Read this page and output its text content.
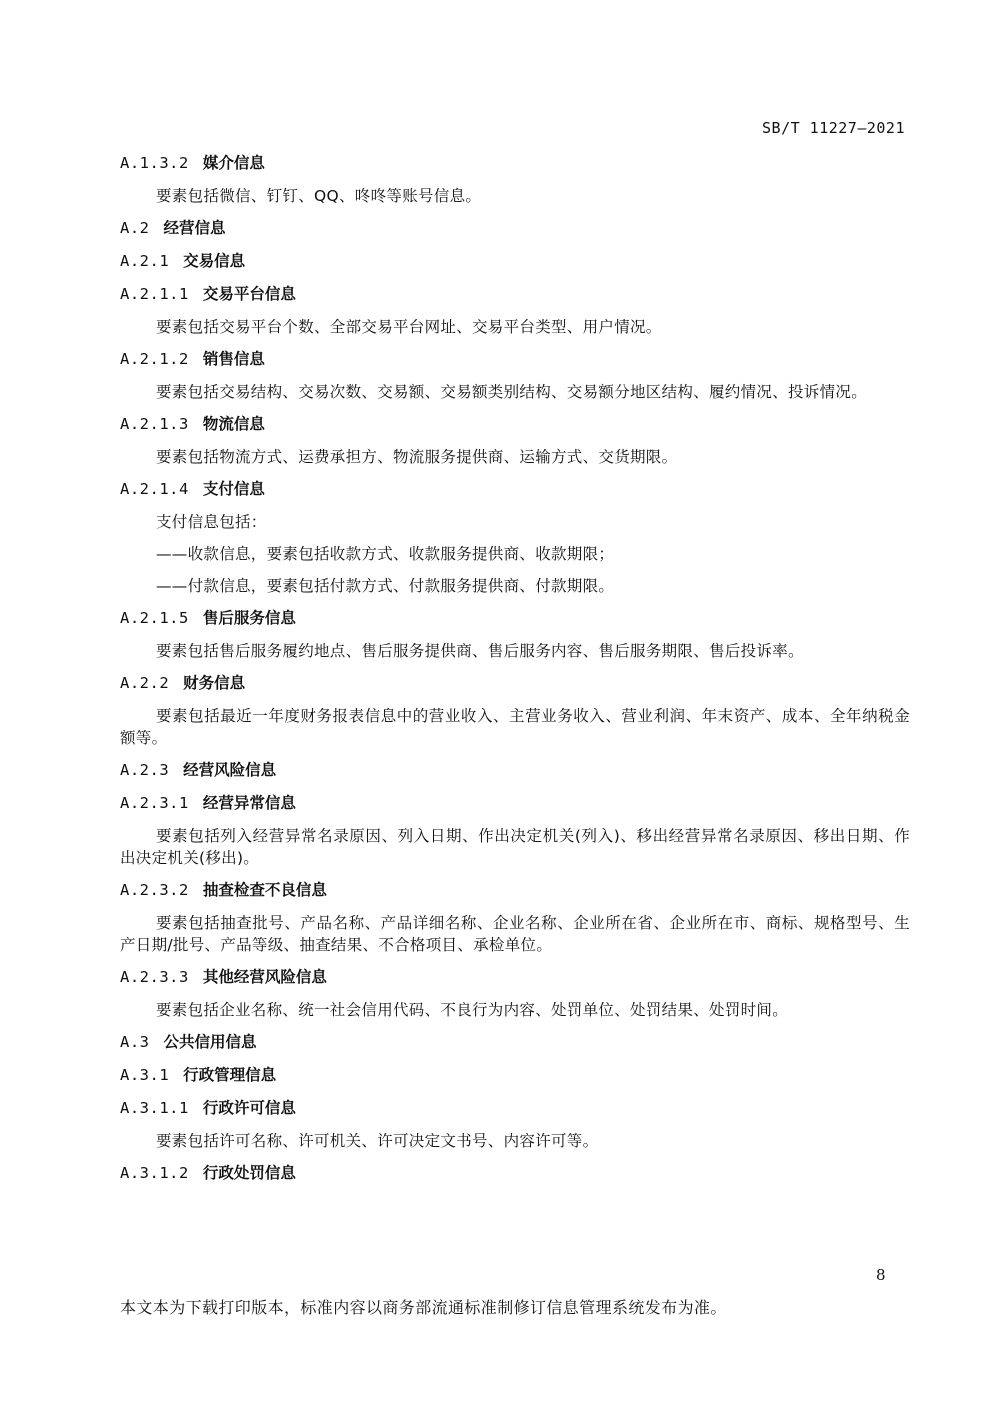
SB/T 11227—2021
A.1.3.2 媒介信息

要素包括微信、钉钉、QQ、咚咚等账号信息。

A.2 经营信息
A.2.1 交易信息
A.2.1.1 交易平台信息

要素包括交易平台个数、全部交易平台网址、交易平台类型、用户情况。

A.2.1.2 销售信息

要素包括交易结构、交易次数、交易额、交易额类别结构、交易额分地区结构、履约情况、投诉情况。

A.2.1.3 物流信息

要素包括物流方式、运费承担方、物流服务提供商、运输方式、交货期限。

A.2.1.4 支付信息

支付信息包括：

——收款信息，要素包括收款方式、收款服务提供商、收款期限；

——付款信息，要素包括付款方式、付款服务提供商、付款期限。

A.2.1.5 售后服务信息

要素包括售后服务履约地点、售后服务提供商、售后服务内容、售后服务期限、售后投诉率。

A.2.2 财务信息

要素包括最近一年度财务报表信息中的营业收入、主营业务收入、营业利润、年末资产、成本、全年纳税金额等。

A.2.3 经营风险信息
A.2.3.1 经营异常信息

要素包括列入经营异常名录原因、列入日期、作出决定机关(列入)、移出经营异常名录原因、移出日期、作出决定机关(移出)。

A.2.3.2 抽查检查不良信息

要素包括抽查批号、产品名称、产品详细名称、企业名称、企业所在省、企业所在市、商标、规格型号、生产日期/批号、产品等级、抽查结果、不合格项目、承检单位。

A.2.3.3 其他经营风险信息

要素包括企业名称、统一社会信用代码、不良行为内容、处罚单位、处罚结果、处罚时间。

A.3 公共信用信息
A.3.1 行政管理信息
A.3.1.1 行政许可信息

要素包括许可名称、许可机关、许可决定文书号、内容许可等。

A.3.1.2 行政处罚信息
8
本文本为下载打印版本，标准内容以商务部流通标准制修订信息管理系统发布为准。
